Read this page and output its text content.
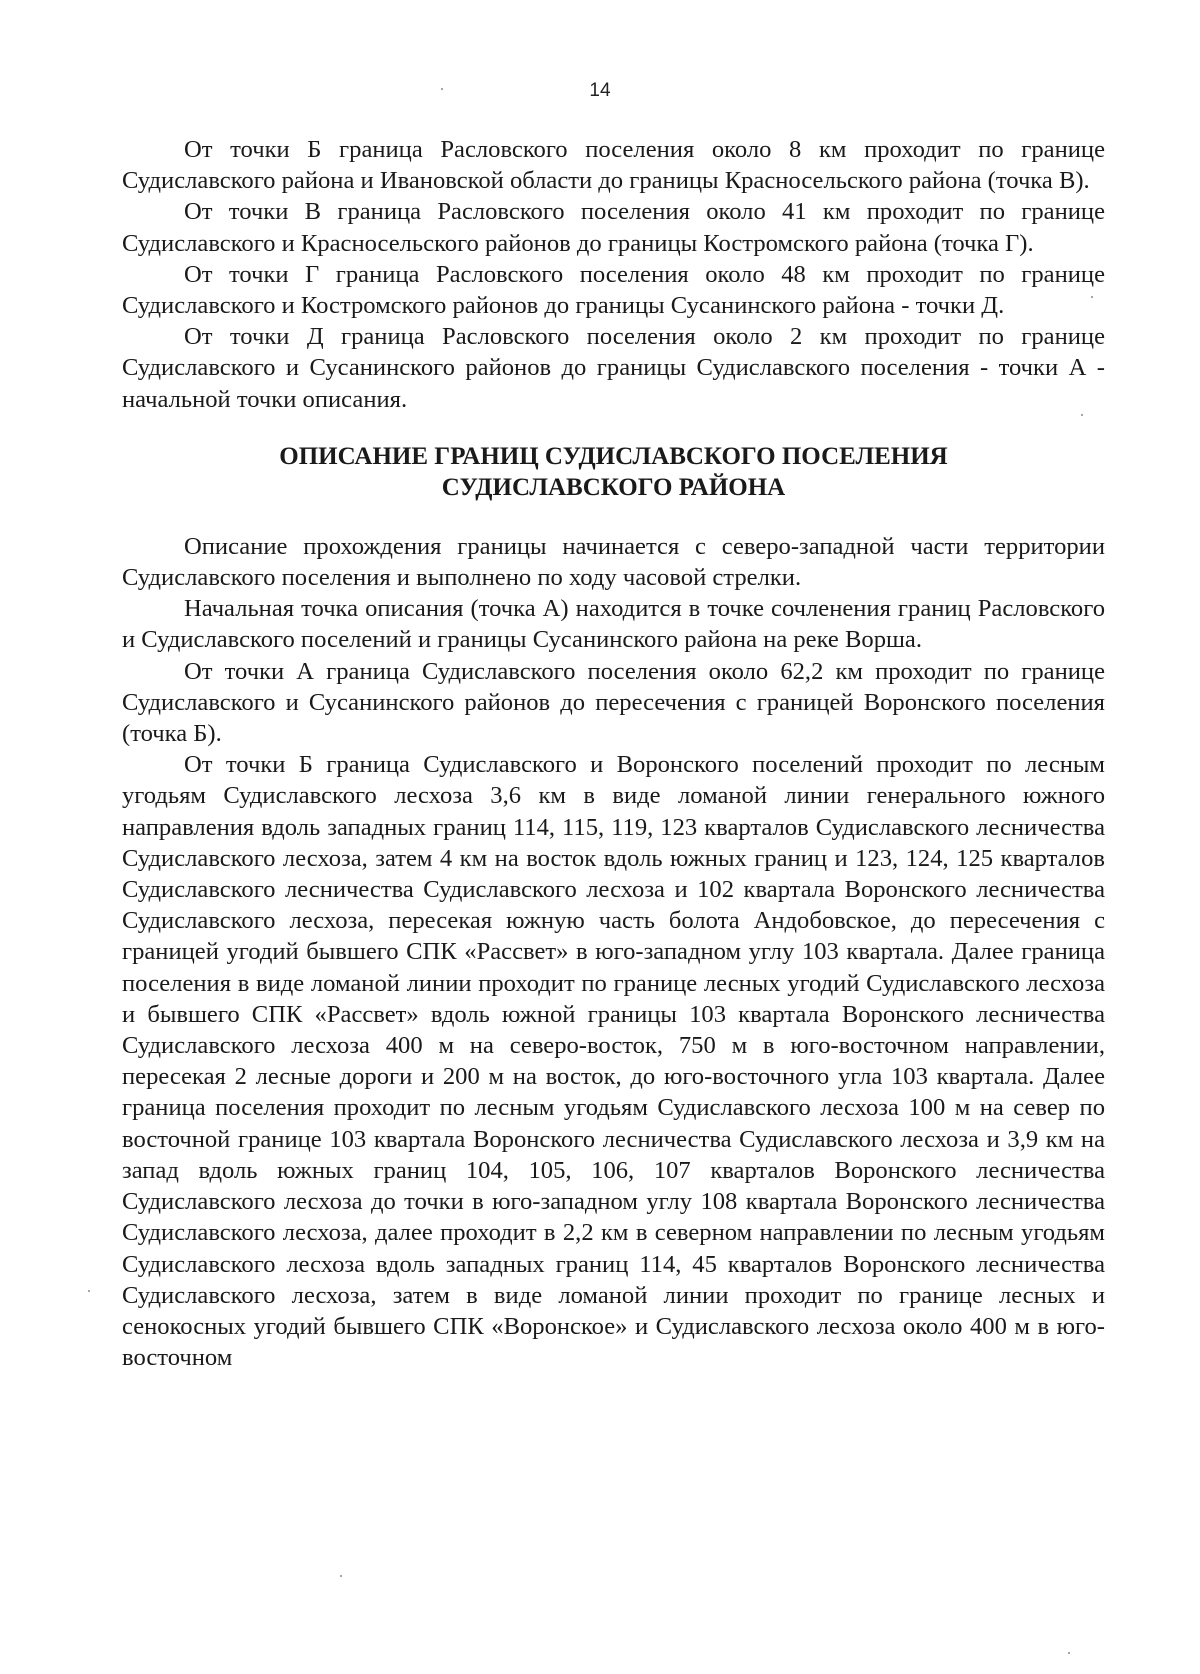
14

От точки Б граница Расловского поселения около 8 км проходит по границе Судиславского района и Ивановской области до границы Красносельского района (точка В).

От точки В граница Расловского поселения около 41 км проходит по границе Судиславского и Красносельского районов до границы Костромского района (точка Г).

От точки Г граница Расловского поселения около 48 км проходит по границе Судиславского и Костромского районов до границы Сусанинского района - точки Д.

От точки Д граница Расловского поселения около 2 км проходит по границе Судиславского и Сусанинского районов до границы Судиславского поселения - точки А - начальной точки описания.

ОПИСАНИЕ ГРАНИЦ СУДИСЛАВСКОГО ПОСЕЛЕНИЯ
СУДИСЛАВСКОГО РАЙОНА

Описание прохождения границы начинается с северо-западной части территории Судиславского поселения и выполнено по ходу часовой стрелки.

Начальная точка описания (точка А) находится в точке сочленения границ Расловского и Судиславского поселений и границы Сусанинского района на реке Ворша.

От точки А граница Судиславского поселения около 62,2 км проходит по границе Судиславского и Сусанинского районов до пересечения с границей Воронского поселения (точка Б).

От точки Б граница Судиславского и Воронского поселений проходит по лесным угодьям Судиславского лесхоза 3,6 км в виде ломаной линии генерального южного направления вдоль западных границ 114, 115, 119, 123 кварталов Судиславского лесничества Судиславского лесхоза, затем 4 км на восток вдоль южных границ и 123, 124, 125 кварталов Судиславского лесничества Судиславского лесхоза и 102 квартала Воронского лесничества Судиславского лесхоза, пересекая южную часть болота Андобовское, до пересечения с границей угодий бывшего СПК «Рассвет» в юго-западном углу 103 квартала. Далее граница поселения в виде ломаной линии проходит по границе лесных угодий Судиславского лесхоза и бывшего СПК «Рассвет» вдоль южной границы 103 квартала Воронского лесничества Судиславского лесхоза 400 м на северо-восток, 750 м в юго-восточном направлении, пересекая 2 лесные дороги и 200 м на восток, до юго-восточного угла 103 квартала. Далее граница поселения проходит по лесным угодьям Судиславского лесхоза 100 м на север по восточной границе 103 квартала Воронского лесничества Судиславского лесхоза и 3,9 км на запад вдоль южных границ 104, 105, 106, 107 кварталов Воронского лесничества Судиславского лесхоза до точки в юго-западном углу 108 квартала Воронского лесничества Судиславского лесхоза, далее проходит в 2,2 км в северном направлении по лесным угодьям Судиславского лесхоза вдоль западных границ 114, 45 кварталов Воронского лесничества Судиславского лесхоза, затем в виде ломаной линии проходит по границе лесных и сенокосных угодий бывшего СПК «Воронское» и Судиславского лесхоза около 400 м в юго-восточном
